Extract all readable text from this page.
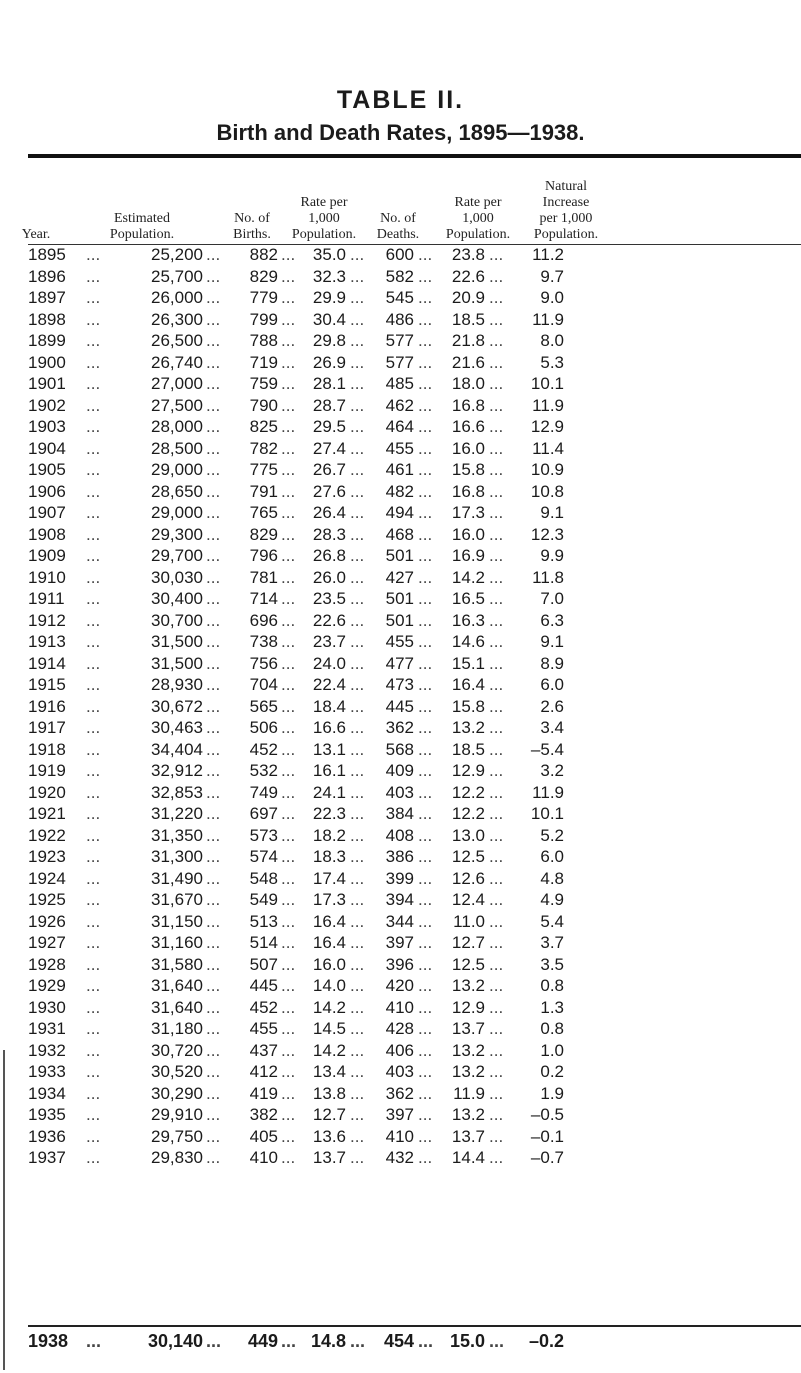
TABLE II.
Birth and Death Rates, 1895—1938.
Year.
Estimated
Population.
No. of
Births.
Rate per
1,000
Population.
No. of
Deaths.
Rate per
1,000
Population.
Natural
Increase
per 1,000
Population.
1895 ...	25,200 ...	882 ...	35.0 ...	600 ...	23.8 ...	11.2
1896 ...	25,700 ...	829 ...	32.3 ...	582 ...	22.6 ...	9.7
1897 ...	26,000 ...	779 ...	29.9 ...	545 ...	20.9 ...	9.0
1898 ...	26,300 ...	799 ...	30.4 ...	486 ...	18.5 ...	11.9
1899 ...	26,500 ...	788 ...	29.8 ...	577 ...	21.8 ...	8.0
1900 ...	26,740 ...	719 ...	26.9 ...	577 ...	21.6 ...	5.3
1901 ...	27,000 ...	759 ...	28.1 ...	485 ...	18.0 ...	10.1
1902 ...	27,500 ...	790 ...	28.7 ...	462 ...	16.8 ...	11.9
1903 ...	28,000 ...	825 ...	29.5 ...	464 ...	16.6 ...	12.9
1904 ...	28,500 ...	782 ...	27.4 ...	455 ...	16.0 ...	11.4
1905 ...	29,000 ...	775 ...	26.7 ...	461 ...	15.8 ...	10.9
1906 ...	28,650 ...	791 ...	27.6 ...	482 ...	16.8 ...	10.8
1907 ...	29,000 ...	765 ...	26.4 ...	494 ...	17.3 ...	9.1
1908 ...	29,300 ...	829 ...	28.3 ...	468 ...	16.0 ...	12.3
1909 ...	29,700 ...	796 ...	26.8 ...	501 ...	16.9 ...	9.9
1910 ...	30,030 ...	781 ...	26.0 ...	427 ...	14.2 ...	11.8
1911 ...	30,400 ...	714 ...	23.5 ...	501 ...	16.5 ...	7.0
1912 ...	30,700 ...	696 ...	22.6 ...	501 ...	16.3 ...	6.3
1913 ...	31,500 ...	738 ...	23.7 ...	455 ...	14.6 ...	9.1
1914 ...	31,500 ...	756 ...	24.0 ...	477 ...	15.1 ...	8.9
1915 ...	28,930 ...	704 ...	22.4 ...	473 ...	16.4 ...	6.0
1916 ...	30,672 ...	565 ...	18.4 ...	445 ...	15.8 ...	2.6
1917 ...	30,463 ...	506 ...	16.6 ...	362 ...	13.2 ...	3.4
1918 ...	34,404 ...	452 ...	13.1 ...	568 ...	18.5 ...	–5.4
1919 ...	32,912 ...	532 ...	16.1 ...	409 ...	12.9 ...	3.2
1920 ...	32,853 ...	749 ...	24.1 ...	403 ...	12.2 ...	11.9
1921 ...	31,220 ...	697 ...	22.3 ...	384 ...	12.2 ...	10.1
1922 ...	31,350 ...	573 ...	18.2 ...	408 ...	13.0 ...	5.2
1923 ...	31,300 ...	574 ...	18.3 ...	386 ...	12.5 ...	6.0
1924 ...	31,490 ...	548 ...	17.4 ...	399 ...	12.6 ...	4.8
1925 ...	31,670 ...	549 ...	17.3 ...	394 ...	12.4 ...	4.9
1926 ...	31,150 ...	513 ...	16.4 ...	344 ...	11.0 ...	5.4
1927 ...	31,160 ...	514 ...	16.4 ...	397 ...	12.7 ...	3.7
1928 ...	31,580 ...	507 ...	16.0 ...	396 ...	12.5 ...	3.5
1929 ...	31,640 ...	445 ...	14.0 ...	420 ...	13.2 ...	0.8
1930 ...	31,640 ...	452 ...	14.2 ...	410 ...	12.9 ...	1.3
1931 ...	31,180 ...	455 ...	14.5 ...	428 ...	13.7 ...	0.8
1932 ...	30,720 ...	437 ...	14.2 ...	406 ...	13.2 ...	1.0
1933 ...	30,520 ...	412 ...	13.4 ...	403 ...	13.2 ...	0.2
1934 ...	30,290 ...	419 ...	13.8 ...	362 ...	11.9 ...	1.9
1935 ...	29,910 ...	382 ...	12.7 ...	397 ...	13.2 ...	–0.5
1936 ...	29,750 ...	405 ...	13.6 ...	410 ...	13.7 ...	–0.1
1937 ...	29,830 ...	410 ...	13.7 ...	432 ...	14.4 ...	–0.7
1938 ...	30,140 ...	449 ... 14.8 ...	454 ... 15.0 ...	–0.2
